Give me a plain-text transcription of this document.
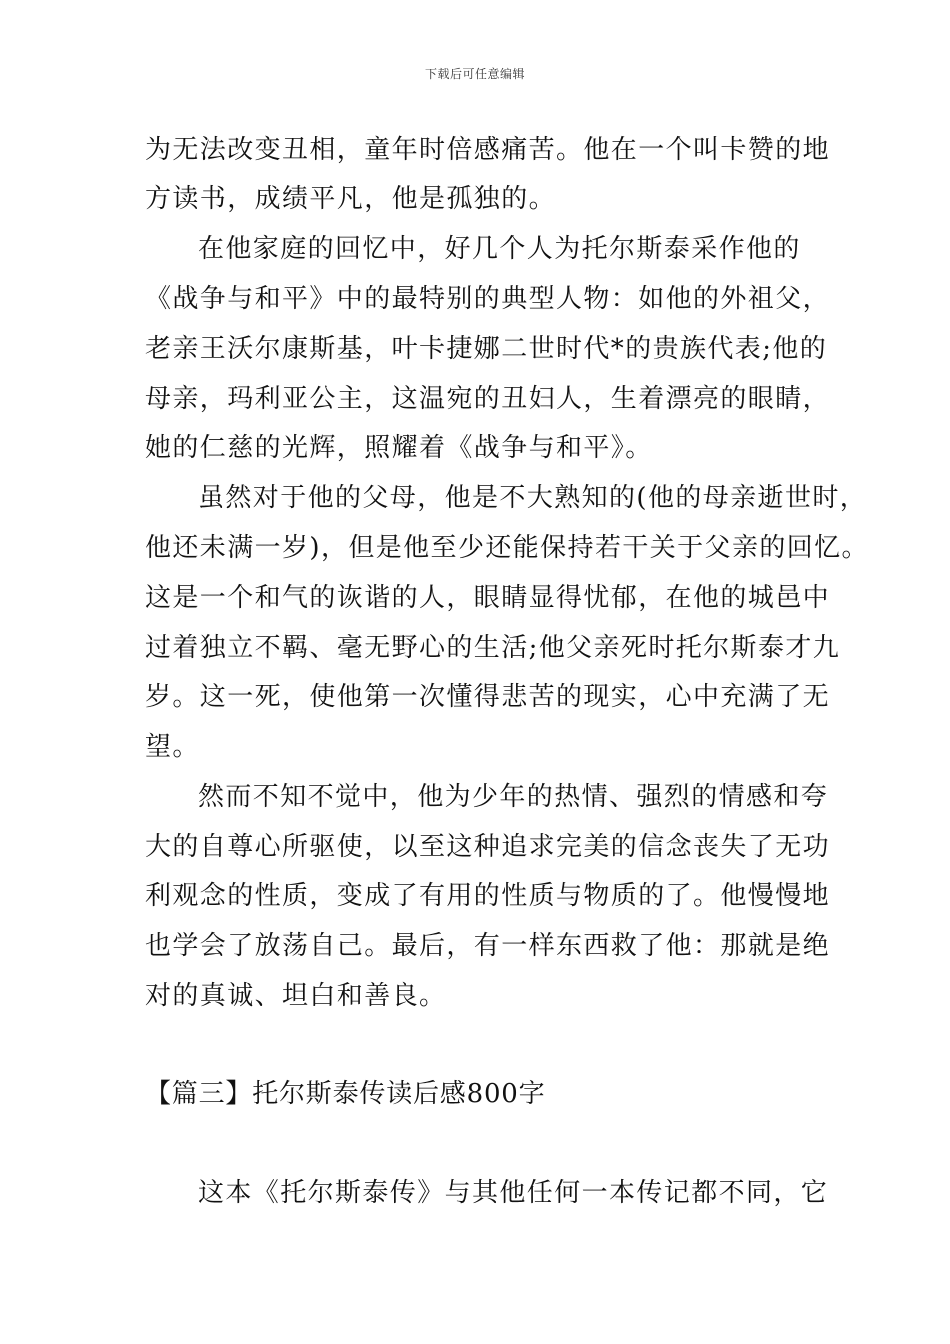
下载后可任意编辑
为无法改变丑相，童年时倍感痛苦。他在一个叫卡赞的地
方读书，成绩平凡，他是孤独的。
在他家庭的回忆中，好几个人为托尔斯泰采作他的
《战争与和平》中的最特别的典型人物：如他的外祖父，
老亲王沃尔康斯基，叶卡捷娜二世时代*的贵族代表;他的
母亲，玛利亚公主，这温宛的丑妇人，生着漂亮的眼睛，
她的仁慈的光辉，照耀着《战争与和平》。
虽然对于他的父母，他是不大熟知的(他的母亲逝世时，
他还未满一岁)，但是他至少还能保持若干关于父亲的回忆。
这是一个和气的诙谐的人，眼睛显得忧郁，在他的城邑中
过着独立不羁、毫无野心的生活;他父亲死时托尔斯泰才九
岁。这一死，使他第一次懂得悲苦的现实，心中充满了无
望。
然而不知不觉中，他为少年的热情、强烈的情感和夸
大的自尊心所驱使，以至这种追求完美的信念丧失了无功
利观念的性质，变成了有用的性质与物质的了。他慢慢地
也学会了放荡自己。最后，有一样东西救了他：那就是绝
对的真诚、坦白和善良。
【篇三】托尔斯泰传读后感800字
这本《托尔斯泰传》与其他任何一本传记都不同，它
